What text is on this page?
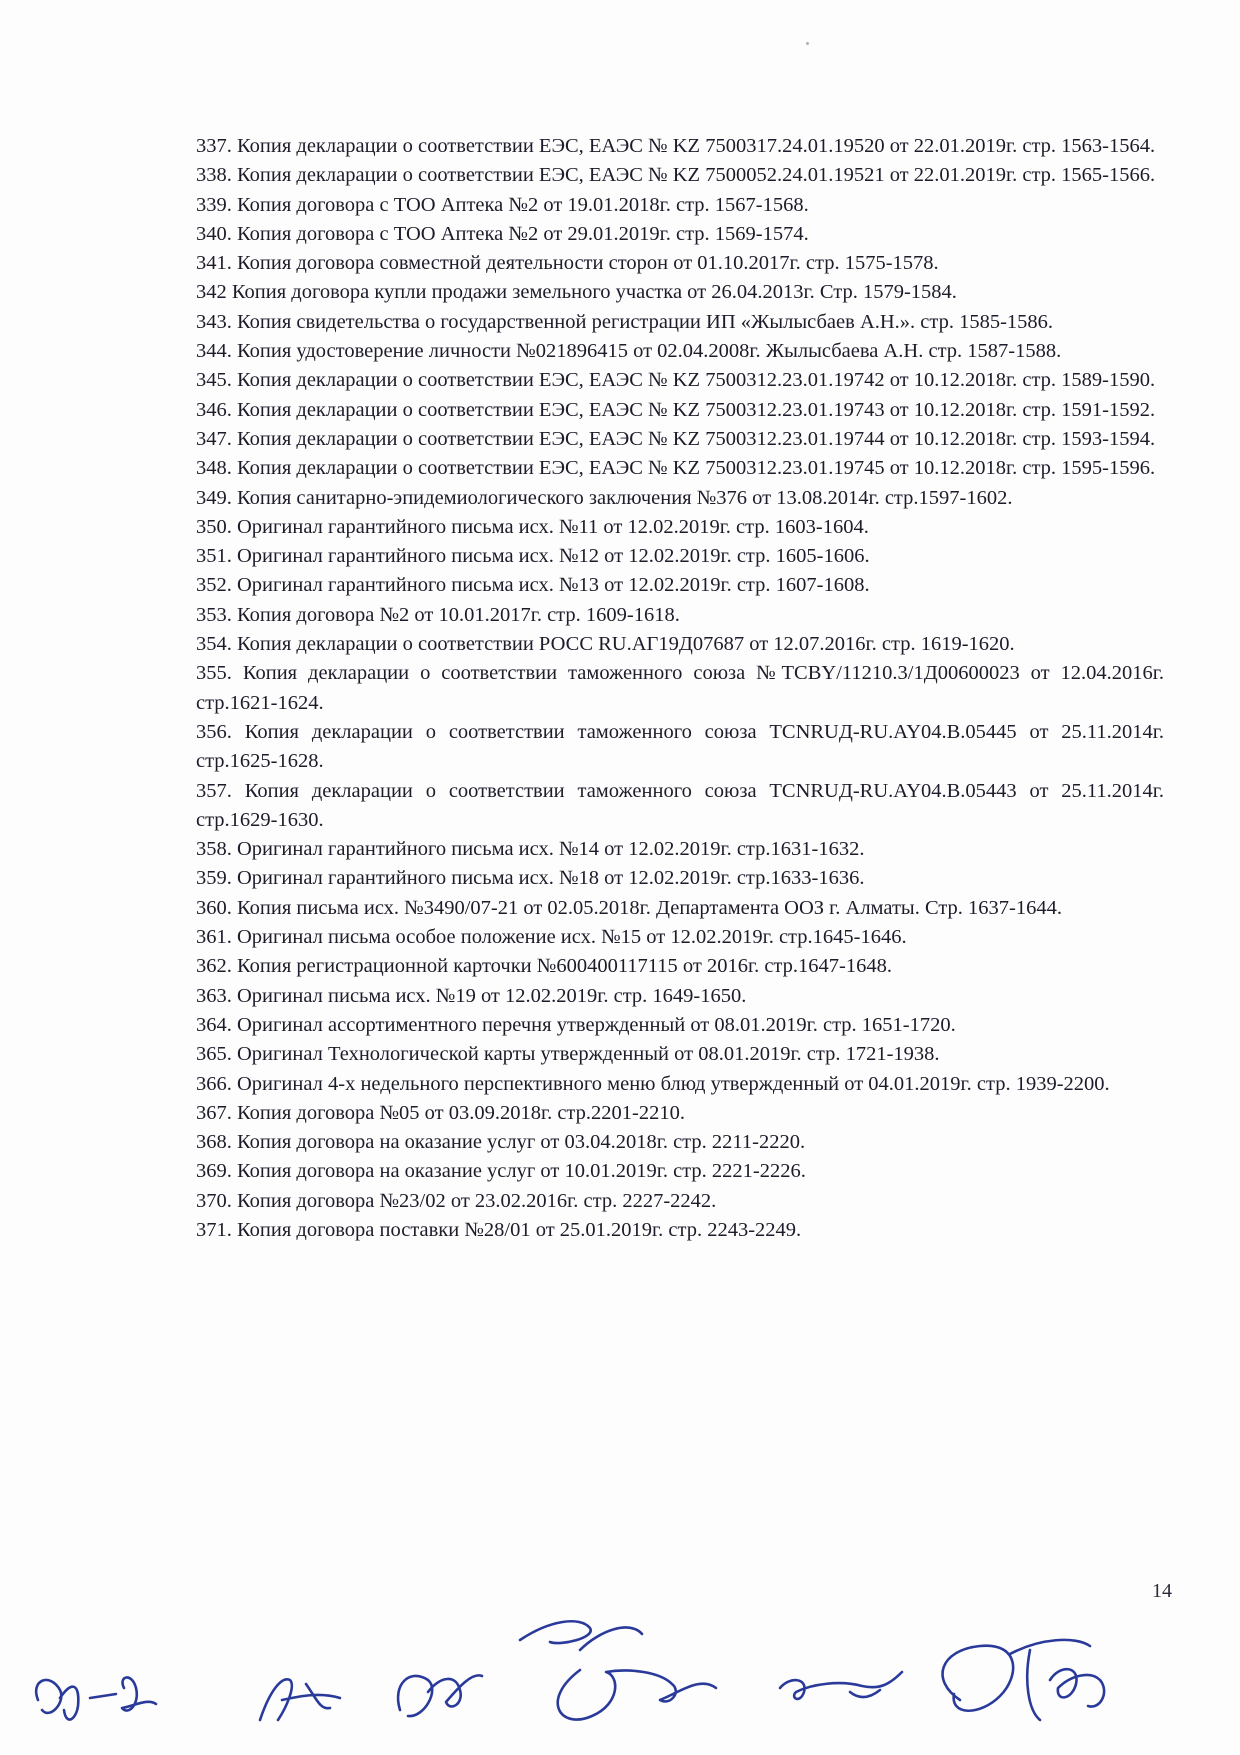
337. Копия декларации о соответствии ЕЭС, ЕАЭС № KZ 7500317.24.01.19520 от 22.01.2019г. стр. 1563-1564.

338. Копия декларации о соответствии ЕЭС, ЕАЭС № KZ 7500052.24.01.19521 от 22.01.2019г. стр. 1565-1566.

339. Копия договора с ТОО Аптека №2 от 19.01.2018г. стр. 1567-1568.

340. Копия договора с ТОО Аптека №2 от 29.01.2019г. стр. 1569-1574.

341. Копия договора совместной деятельности сторон от 01.10.2017г. стр. 1575-1578.

342 Копия договора купли продажи земельного участка от 26.04.2013г. Стр. 1579-1584.

343. Копия свидетельства о государственной регистрации ИП «Жылысбаев А.Н.». стр. 1585-1586.

344. Копия удостоверение личности №021896415 от 02.04.2008г. Жылысбаева А.Н. стр. 1587-1588.

345. Копия декларации о соответствии ЕЭС, ЕАЭС № KZ 7500312.23.01.19742 от 10.12.2018г. стр. 1589-1590.

346. Копия декларации о соответствии ЕЭС, ЕАЭС № KZ 7500312.23.01.19743 от 10.12.2018г. стр. 1591-1592.

347. Копия декларации о соответствии ЕЭС, ЕАЭС № KZ 7500312.23.01.19744 от 10.12.2018г. стр. 1593-1594.

348. Копия декларации о соответствии ЕЭС, ЕАЭС № KZ 7500312.23.01.19745 от 10.12.2018г. стр. 1595-1596.

349. Копия санитарно-эпидемиологического заключения №376 от 13.08.2014г. стр.1597-1602.

350. Оригинал гарантийного письма исх. №11 от 12.02.2019г. стр. 1603-1604.

351. Оригинал гарантийного письма исх. №12 от 12.02.2019г. стр. 1605-1606.

352. Оригинал гарантийного письма исх. №13 от 12.02.2019г. стр. 1607-1608.

353. Копия договора №2 от 10.01.2017г. стр. 1609-1618.

354. Копия декларации о соответствии РОСС RU.АГ19Д07687 от 12.07.2016г. стр. 1619-1620.

355. Копия декларации о соответствии таможенного союза №ТСBY/11210.3/1Д00600023 от 12.04.2016г. стр.1621-1624.

356. Копия декларации о соответствии таможенного союза TCNRUД-RU.AY04.B.05445 от 25.11.2014г. стр.1625-1628.

357. Копия декларации о соответствии таможенного союза TCNRUД-RU.AY04.B.05443 от 25.11.2014г. стр.1629-1630.

358. Оригинал гарантийного письма исх. №14 от 12.02.2019г. стр.1631-1632.

359. Оригинал гарантийного письма исх. №18 от 12.02.2019г. стр.1633-1636.

360. Копия письма исх. №3490/07-21 от 02.05.2018г. Департамента ООЗ г. Алматы. Стр. 1637-1644.

361. Оригинал письма особое положение исх. №15 от 12.02.2019г. стр.1645-1646.

362. Копия регистрационной карточки №600400117115 от 2016г. стр.1647-1648.

363. Оригинал письма исх. №19 от 12.02.2019г. стр. 1649-1650.

364. Оригинал ассортиментного перечня утвержденный от 08.01.2019г. стр. 1651-1720.

365. Оригинал Технологической карты утвержденный от 08.01.2019г. стр. 1721-1938.

366. Оригинал 4-х недельного перспективного меню блюд утвержденный от 04.01.2019г. стр. 1939-2200.

367. Копия договора №05 от 03.09.2018г. стр.2201-2210.

368. Копия договора на оказание услуг от 03.04.2018г. стр. 2211-2220.

369. Копия договора на оказание услуг от 10.01.2019г. стр. 2221-2226.

370. Копия договора №23/02 от 23.02.2016г. стр. 2227-2242.

371. Копия договора поставки №28/01 от 25.01.2019г. стр. 2243-2249.

14
